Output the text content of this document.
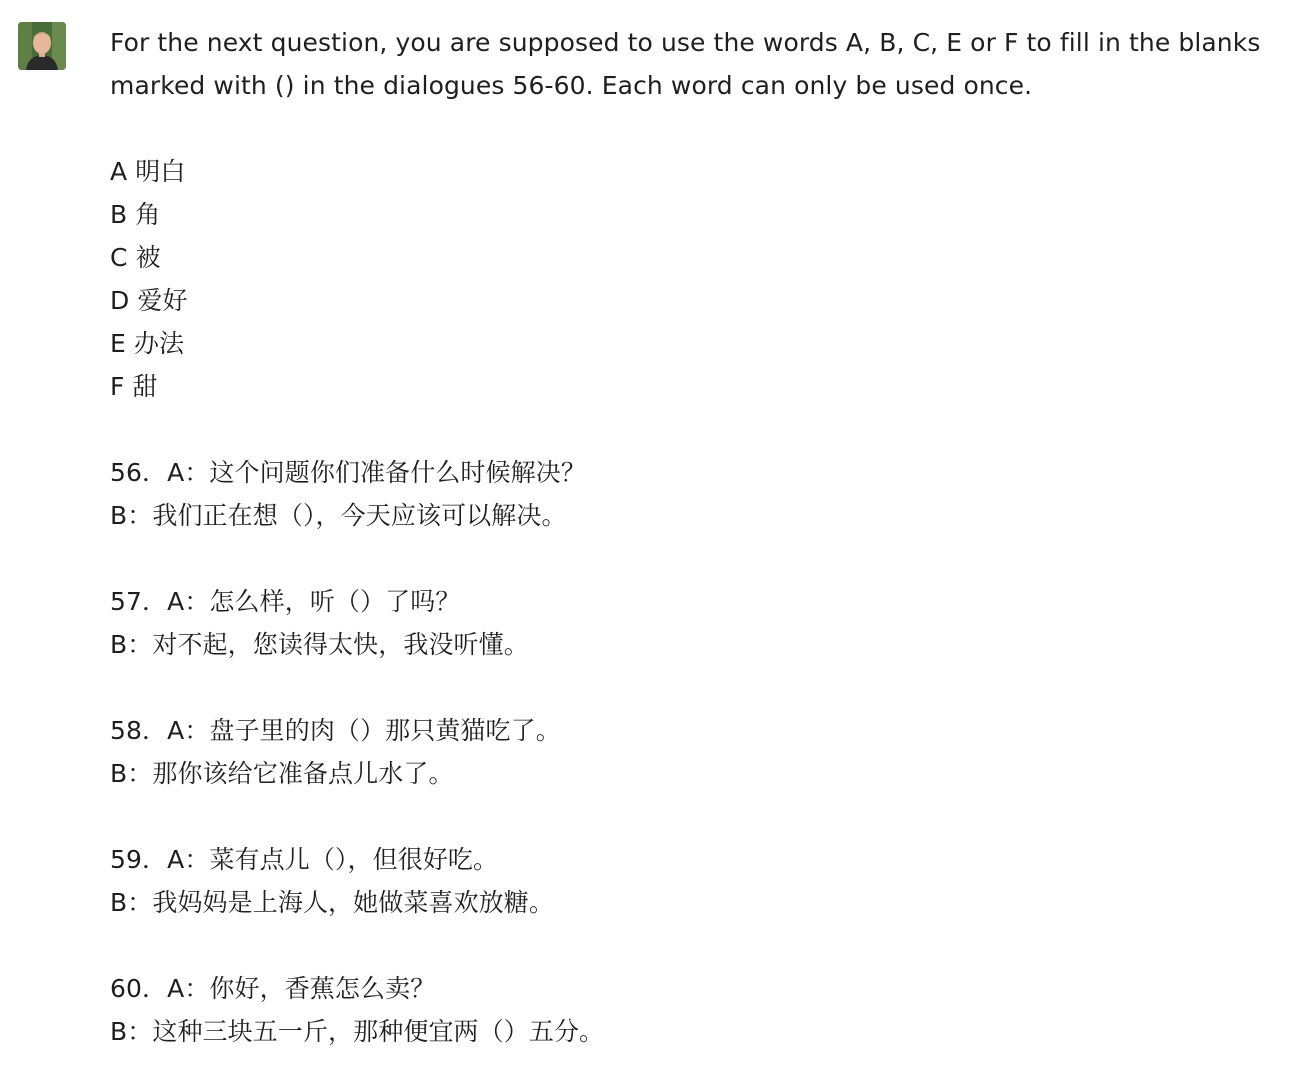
For the next question, you are supposed to use the words A, B, C, E or F to fill in the blanks
marked with () in the dialogues 56-60. Each word can only be used once.

A 明白
B 角
C 被
D 爱好
E 办法
F 甜
56．A：这个问题你们准备什么时候解决？
B：我们正在想（），今天应该可以解决。
57．A：怎么样，听（）了吗？
B：对不起，您读得太快，我没听懂。
58．A：盘子里的肉（）那只黄猫吃了。
B：那你该给它准备点儿水了。
59．A：菜有点儿（），但很好吃。
B：我妈妈是上海人，她做菜喜欢放糖。
60．A：你好，香蕉怎么卖？
B：这种三块五一斤，那种便宜两（）五分。
